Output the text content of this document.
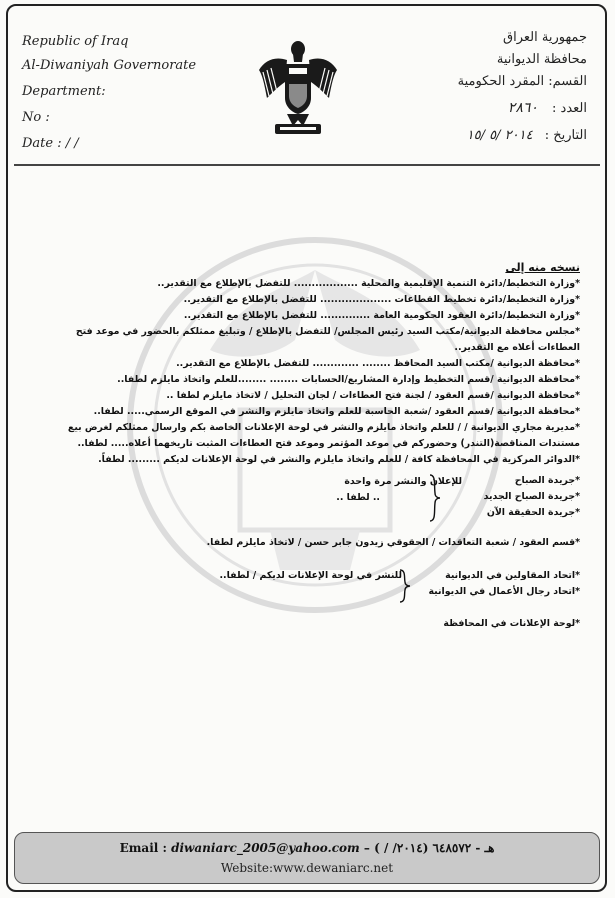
Republic of Iraq
Al-Diwaniyah Governorate
Department:
No :
Date : / /
جمهورية العراق
محافظة الديوانية
القسم: المقرد الحكومية
العدد : ٢٨٦٠
التاريخ : ٢٠١٤ /٥ /١٥
نسخه منه إلى
*وزارة التخطيط/دائرة التنمية الإقليمية والمحلية .................. للتفضل بالإطلاع مع التقدير..
*وزارة التخطيط/دائرة تخطيط القطاعات .................... للتفضل بالإطلاع مع التقدير..
*وزارة التخطيط/دائرة العقود الحكومية العامة .............. للتفضل بالإطلاع مع التقدير..
*مجلس محافظة الديوانية/مكتب السيد رئيس المجلس/ للتفضل بالإطلاع / وتبليغ ممثلكم بالحضور في موعد فتح
العطاءات أعلاه مع التقدير..
*محافظة الديوانية /مكتب السيد المحافظ ........ ............. للتفضل بالإطلاع مع التقدير..
*محافظة الديوانية /قسم التخطيط وإدارة المشاريع/الحسابات ........ ........للعلم واتخاذ مايلزم لطفا..
*محافظة الديوانية /قسم العقود / لجنة فتح العطاءات / لجان التحليل / لاتخاذ مايلزم لطفا ..
*محافظة الديوانية /قسم العقود /شعبة الحاسبة للعلم واتخاذ مايلزم والنشر في الموقع الرسمي..... لطفا..
*مديرية مجاري الديوانية / / للعلم واتخاذ مايلزم والنشر في لوحة الإعلانات الخاصة بكم وارسال ممثلكم لغرض بيع
مستندات المناقصة(التندر) وحضوركم في موعد المؤتمر وموعد فتح العطاءات المثبت تاريخهما أعلاه..... لطفا..
*الدوائر المركزية في المحافظة كافة / للعلم واتخاذ مايلزم والنشر في لوحة الإعلانات لديكم ......... لطفاً.
*جريدة الصباح
*جريدة الصباح الجديد
*جريدة الحقيقة الآن
للإعلان والنشر مرة واحدة
.. لطفا ..
*قسم العقود / شعبة التعاقدات / الحقوقي زيدون جابر حسن / لاتخاذ مايلزم لطفا.
*اتحاد المقاولين في الديوانية
*اتحاد رجال الأعمال في الديوانية
للنشر في لوحة الإعلانات لديكم / لطفا..
*لوحة الإعلانات في المحافظة
Email : diwaniarc_2005@yahoo.com – هـ - ٦٤٨٥٧٢ (٢٠١٤/ / )
Website:www.dewaniarc.net
